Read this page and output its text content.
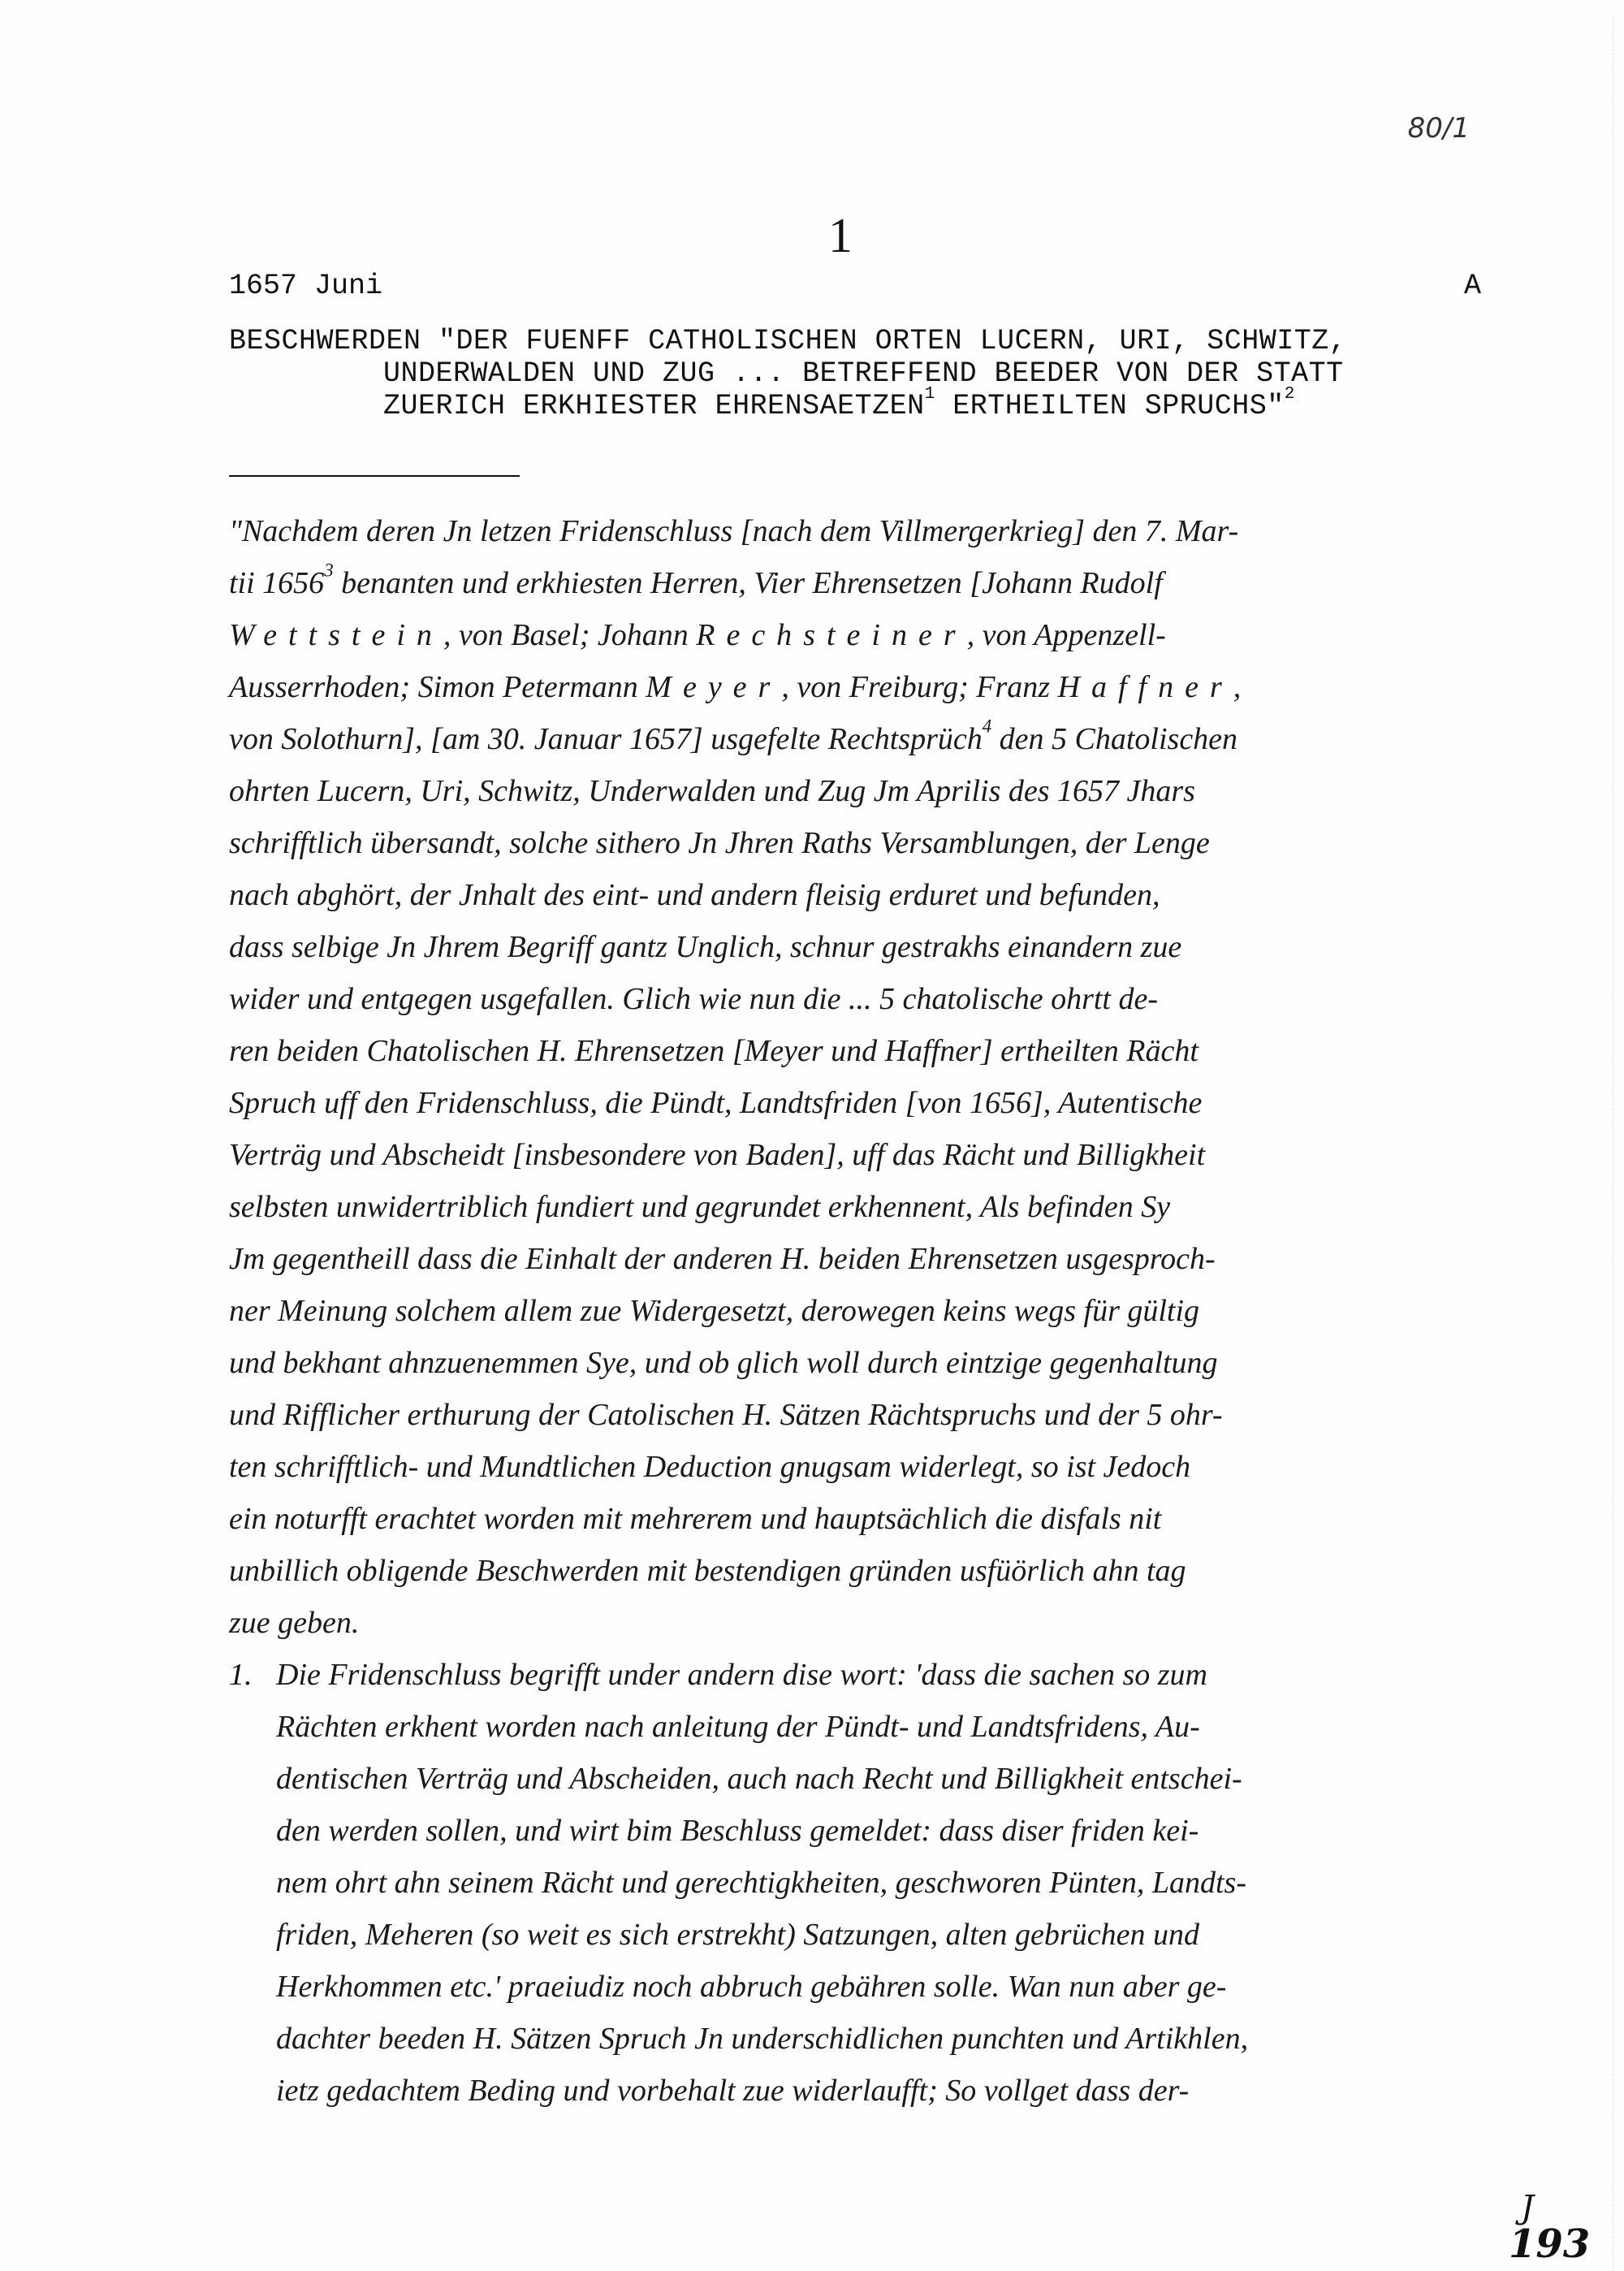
80/1
1
1657 Juni	A
BESCHWERDEN "DER FUENFF CATHOLISCHEN ORTEN LUCERN, URI, SCHWITZ,
UNDERWALDEN UND ZUG ... BETREFFEND BEEDER VON DER STATT
ZUERICH ERKHIESTER EHRENSAETZEN$^1$ ERTHEILTEN SPRUCHS"$^2$
"Nachdem deren Jn letzen Fridenschluss [nach dem Villmergerkrieg] den 7. Mar-
tii 1656$^3$ benanten und erkhiesten Herren, Vier Ehrensetzen [Johann Rudolf
Wettstein, von Basel; Johann Rechsteiner, von Appenzell-
Ausserrhoden; Simon Petermann Meyer, von Freiburg; Franz Haffner,
von Solothurn], [am 30. Januar 1657] usgefelte Rechtsprüch$^4$ den 5 Chatolischen
ohrten Lucern, Uri, Schwitz, Underwalden und Zug Jm Aprilis des 1657 Jhars
schrifftlich übersandt, solche sithero Jn Jhren Raths Versamblungen, der Lenge
nach abghört, der Jnhalt des eint- und andern fleisig erduret und befunden,
dass selbige Jn Jhrem Begriff gantz Unglich, schnur gestrakhs einandern zue
wider und entgegen usgefallen. Glich wie nun die ... 5 chatolische ohrtt de-
ren beiden Chatolischen H. Ehrensetzen [Meyer und Haffner] ertheilten Rächt
Spruch uff den Fridenschluss, die Pündt, Landtsfriden [von 1656], Autentische
Verträg und Abscheidt [insbesondere von Baden], uff das Rächt und Billigkheit
selbsten unwidertriblich fundiert und gegrundet erkhennent, Als befinden Sy
Jm gegentheill dass die Einhalt der anderen H. beiden Ehrensetzen usgesproch-
ner Meinung solchem allem zue Widergesetzt, derowegen keins wegs für gültig
und bekhant ahnzuenemmen Sye, und ob glich woll durch eintzige gegenhaltung
und Rifflicher erthurung der Catolischen H. Sätzen Rächtspruchs und der 5 ohr-
ten schrifftlich- und Mundtlichen Deduction gnugsam widerlegt, so ist Jedoch
ein noturfft erachtet worden mit mehrerem und hauptsächlich die disfals nit
unbillich obligende Beschwerden mit bestendigen gründen usfüörlich ahn tag
zue geben.
1. Die Fridenschluss begrifft under andern dise wort: 'dass die sachen so zum
Rächten erkhent worden nach anleitung der Pündt- und Landtsfridens, Au-
dentischen Verträg und Abscheiden, auch nach Recht und Billigkheit entschei-
den werden sollen, und wirt bim Beschluss gemeldet: dass diser friden kei-
nem ohrt ahn seinem Rächt und gerechtigkheiten, geschworen Pünten, Landts-
friden, Meheren (so weit es sich erstrekht) Satzungen, alten gebrüchen und
Herkhommen etc.' praeiudiz noch abbruch gebähren solle. Wan nun aber ge-
dachter beeden H. Sätzen Spruch Jn underschidlichen punchten und Artikhlen,
ietz gedachtem Beding und vorbehalt zue widerlaufft; So vollget dass der-
J
193
